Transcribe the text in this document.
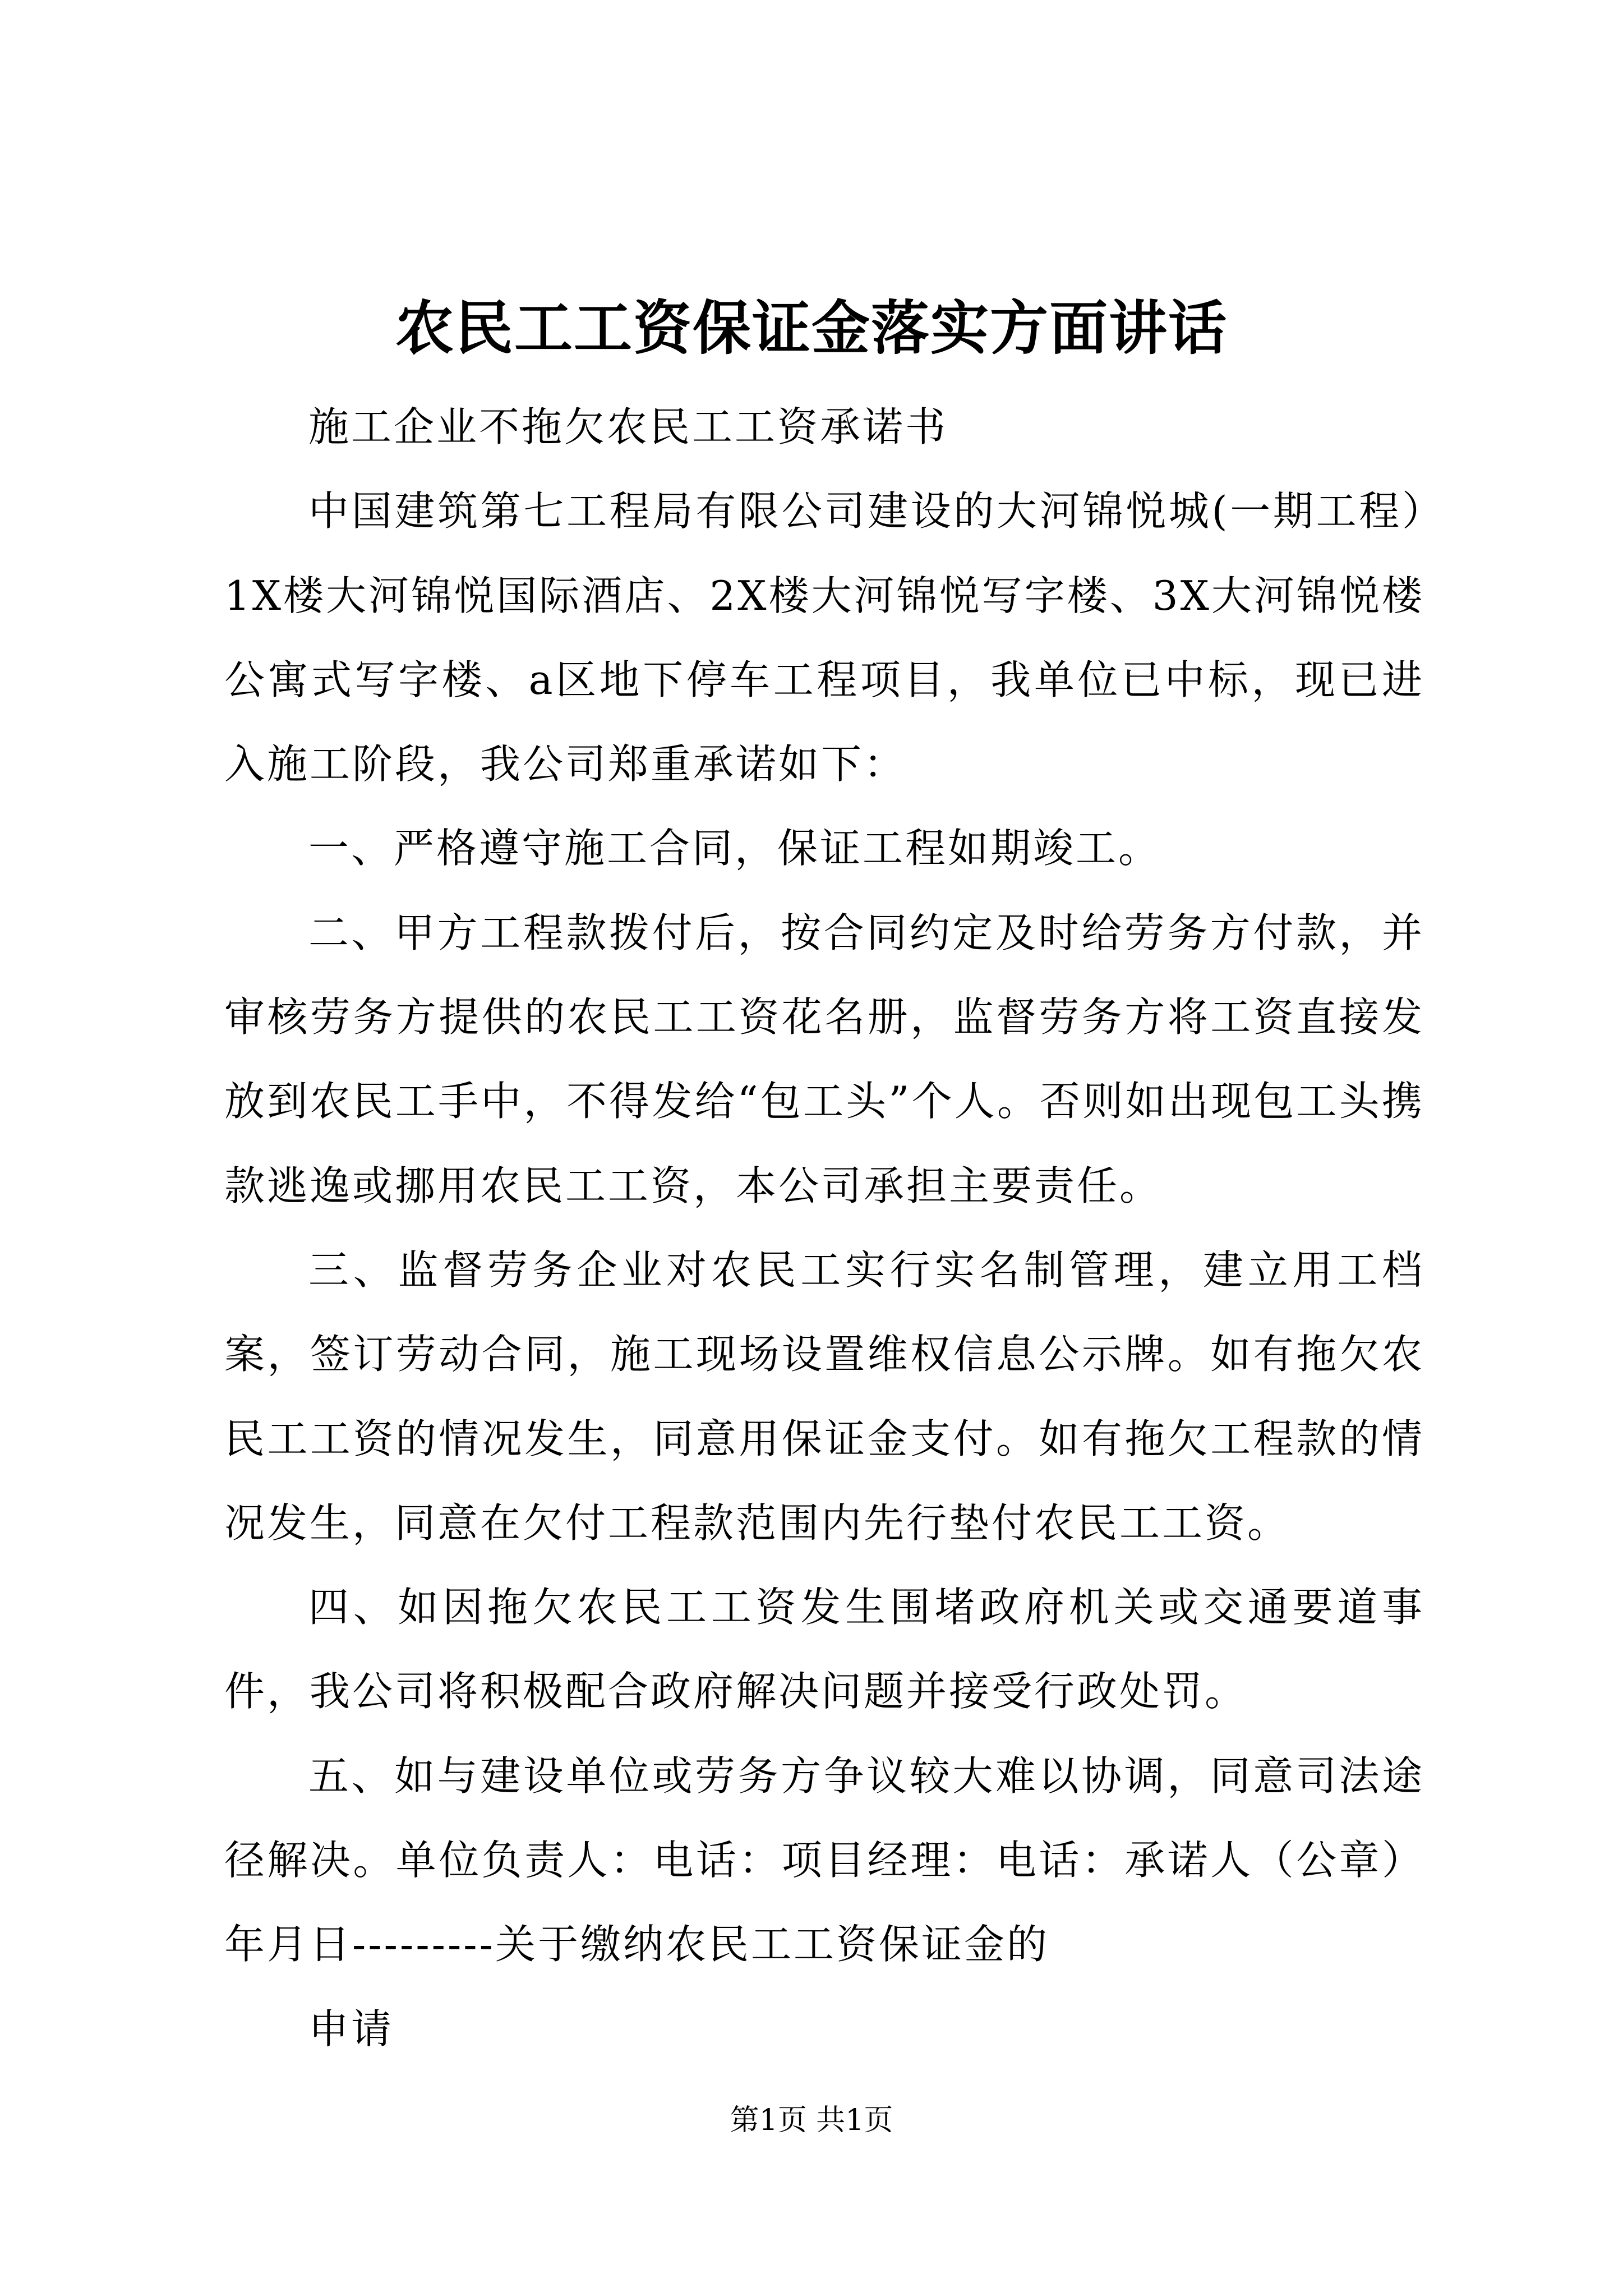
农民工工资保证金落实方面讲话

施工企业不拖欠农民工工资承诺书

中国建筑第七工程局有限公司建设的大河锦悦城(一期工程）1X楼大河锦悦国际酒店、2X楼大河锦悦写字楼、3X大河锦悦楼公寓式写字楼、a区地下停车工程项目，我单位已中标，现已进入施工阶段，我公司郑重承诺如下：

一、严格遵守施工合同，保证工程如期竣工。

二、甲方工程款拨付后，按合同约定及时给劳务方付款，并审核劳务方提供的农民工工资花名册，监督劳务方将工资直接发放到农民工手中，不得发给“包工头”个人。否则如出现包工头携款逃逸或挪用农民工工资，本公司承担主要责任。

三、监督劳务企业对农民工实行实名制管理，建立用工档案，签订劳动合同，施工现场设置维权信息公示牌。如有拖欠农民工工资的情况发生，同意用保证金支付。如有拖欠工程款的情况发生，同意在欠付工程款范围内先行垫付农民工工资。

四、如因拖欠农民工工资发生围堵政府机关或交通要道事件，我公司将积极配合政府解决问题并接受行政处罚。

五、如与建设单位或劳务方争议较大难以协调，同意司法途径解决。单位负责人：电话：项目经理：电话：承诺人（公章）年月日---------关于缴纳农民工工资保证金的

申请

第1页 共1页
